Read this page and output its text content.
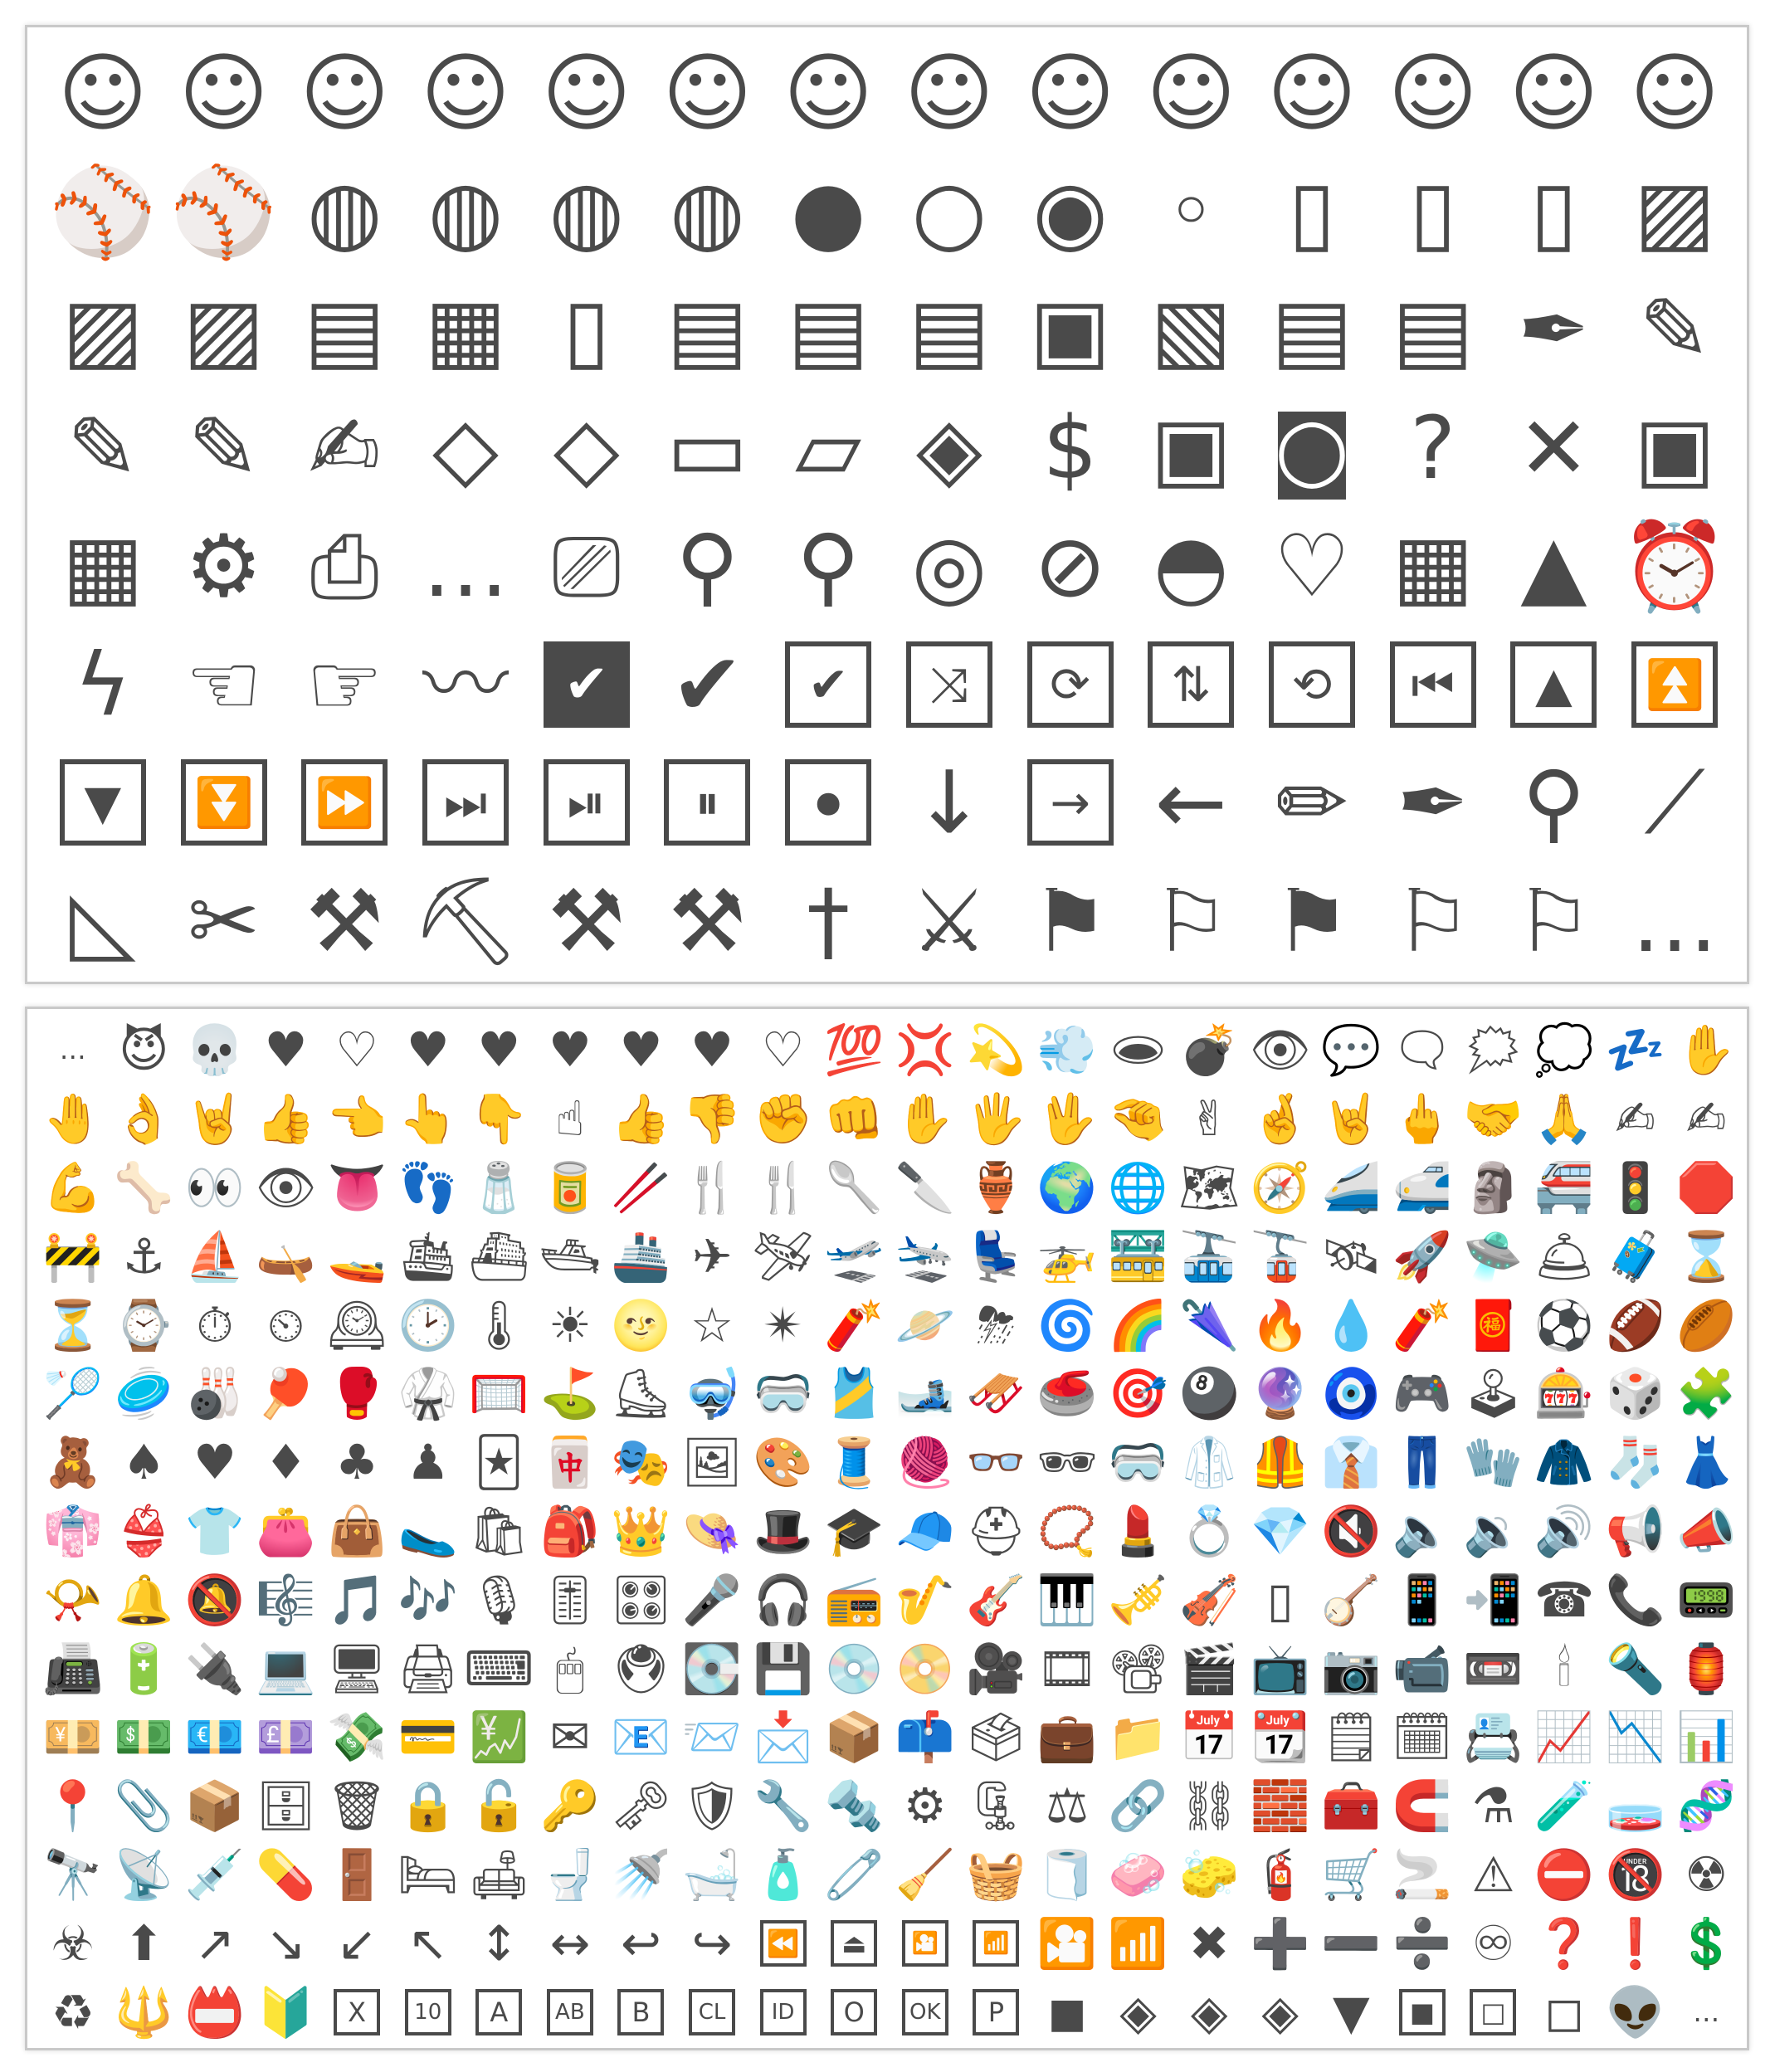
☺ ☺ ☺ ☺ ☺ ☺ ☺ ☺ ☺ ☺ ☺ ☺ ☺ ☺
⚾ ⚾ ◍ ◍ ◍ ◍ ● ○ ◉ ◦ ▯ ▯ ▯ ▨
▨ ▨ ▤ ▦ ▯ ▤ ▤ ▤ ▣ ▧ ▤ ▤ ✒ ✎
✎ ✎ ✍ ◇ ◇ ▭ ▱ ◈ $ ▣ ◙ ? ✕ ▣
▦ ⚙ ⎙ … ⎚ ⚲ ⚲ ◎ ⊘ ◓ ♡ ▦ ▲ ⏰
ϟ ☜ ☞ 〰	✔ ✔	✔	⤨	⟳	⇅	⟲	⏮	▲	⏫
▼	⏬ ⏩	⏭	⏯	⏸	⏺ ↓	→ ← ✏ ✒ ⚲ ⟋
◺ ✂ ⚒ ⛏ ⚒ ⚒ † ⚔ ⚑ ⚐ ⚑ ⚐ ⚐ …
… 😈 💀 ♥ ♡ ♥ ♥ ♥ ♥ ♥ ♡ 💯 💢 💫 💨 🕳 💣 👁 💬 🗨 🗯 💭 💤 ✋
🤚 👌 🤘 👍 👈 👆 👇 ☝ 👍 👎 ✊ 👊 ✋ 🖐 🖖 🤏 ✌ 🤞 🤘 🖕 🤝 🙏 ✍ ✍
💪 🦴 👀 👁 👅 👣 🧂 🥫 🥢 🍴 🍴 🥄 🔪 🏺 🌍 🌐 🗺 🧭 🚄 🚅 🗿 🚝 🚦 🛑
🚧 ⚓ ⛵ 🛶 🚤 🛳 ⛴ 🛥 🚢 ✈ 🛩 🛫 🛬 💺 🚁 🚟 🚠 🚡 🛰 🚀 🛸 🛎 🧳 ⌛
⏳ ⌚ ⏱ ⏲ 🕰 🕑 🌡 ☀ 🌝 ☆ ✴ 🧨 🪐 ⛈ 🌀 🌈 🌂 🔥 💧 🧨 🧧 ⚽ 🏈 🏉
🏸 🥏 🎳 🏓 🥊 🥋 🥅 ⛳ ⛸ 🤿 🥽 🎽 🎿 🛷 🥌 🎯 🎱 🔮 🧿 🎮 🕹 🎰 🎲 🧩
🧸 ♠ ♥ ♦ ♣ ♟ 🃏 🀄 🎭 🖼 🎨 🧵 🧶 👓 🕶 🥽 🥼 🦺 👔 👖 🧤 🧥 🧦 👗
👘 👙 👕 👛 👜 🥿 🛍 🎒 👑 👒 🎩 🎓 🧢 ⛑ 📿 💄 💍 💎 🔇 🔈 🔉 🔊 📢 📣
📯 🔔 🔕 🎼 🎵 🎶 🎙 🎚 🎛 🎤 🎧 📻 🎷 🎸 🎹 🎺 🎻 ▯ 🪕 📱 📲 ☎ 📞 📟
📠 🔋 🔌 💻 🖥 🖨 ⌨ 🖱 🖲 💽 💾 💿 📀 🎥 🎞 📽 🎬 📺 📷 📹 📼 🕯 🔦 🏮
💴 💵 💶 💷 💸 💳 💹 ✉ 📧 📨 📩 📦 📫 🗳 💼 📁 📅 📆 🗒 🗓 📇 📈 📉 📊
📍 📎 📦 🗄 🗑 🔒 🔓 🔑 🗝 🛡 🔧 🔩 ⚙ 🗜 ⚖ 🔗 ⛓ 🧱 🧰 🧲 ⚗ 🧪 🧫 🧬
🔭 📡 💉 💊 🚪 🛏 🛋 🚽 🚿 🛁 🧴 🧷 🧹 🧺 🧻 🧼 🧽 🧯 🛒 🚬 ⚠ ⛔ 🔞 ☢
☣ ⬆ ↗ ↘ ↙ ↖ ↕ ↔ ↩ ↪ ⏪	⏏	🎦	📶 🎦 📶 ✖ ➕ ➖ ➗ ♾ ❓ ❗ 💲
♻ 🔱 📛 🔰	X	10	A	AB	B	CL	ID	O	OK	P ◼ ◈ ◈ ◈ ▼	■	□ ◻ 👽 …
